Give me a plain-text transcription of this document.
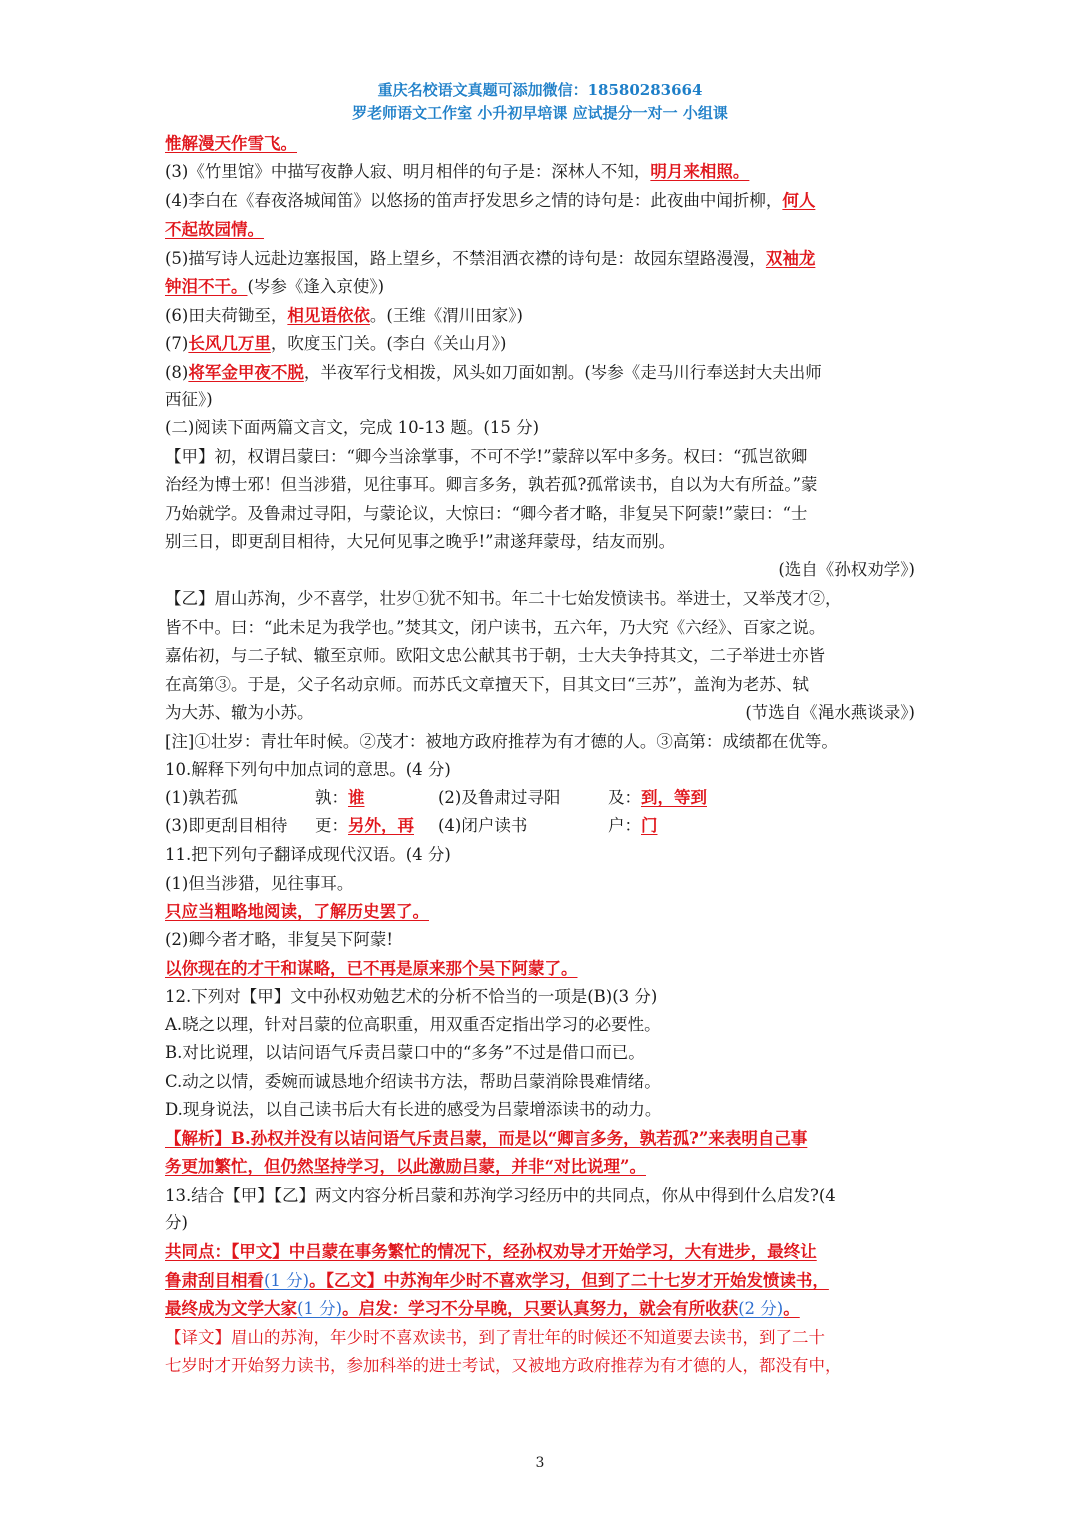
重庆名校语文真题可添加微信：18580283664
罗老师语文工作室 小升初早培课 应试提分一对一 小组课
惟解漫天作雪飞。
(3)《竹里馆》中描写夜静人寂、明月相伴的句子是：深林人不知，明月来相照。
(4)李白在《春夜洛城闻笛》以悠扬的笛声抒发思乡之情的诗句是：此夜曲中闻折柳，何人
不起故园情。
(5)描写诗人远赴边塞报国，路上望乡，不禁泪洒衣襟的诗句是：故园东望路漫漫，双袖龙
钟泪不干。(岑参《逢入京使》)
(6)田夫荷锄至，相见语依依。(王维《渭川田家》)
(7)长风几万里，吹度玉门关。(李白《关山月》)
(8)将军金甲夜不脱，半夜军行戈相拨，风头如刀面如割。(岑参《走马川行奉送封大夫出师
西征》)
(二)阅读下面两篇文言文，完成 10-13 题。(15 分)
【甲】初，权谓吕蒙曰：“卿今当涂掌事，不可不学!”蒙辞以军中多务。权曰：“孤岂欲卿
治经为博士邪！但当涉猎，见往事耳。卿言多务，孰若孤?孤常读书，自以为大有所益。”蒙
乃始就学。及鲁肃过寻阳，与蒙论议，大惊曰：“卿今者才略，非复吴下阿蒙!”蒙曰：“士
别三日，即更刮目相待，大兄何见事之晚乎!”肃遂拜蒙母，结友而别。
(选自《孙权劝学》)
【乙】眉山苏洵，少不喜学，壮岁①犹不知书。年二十七始发愤读书。举进士，又举茂才②，
皆不中。曰：“此未足为我学也。”焚其文，闭户读书，五六年，乃大究《六经》、百家之说。
嘉佑初，与二子轼、辙至京师。欧阳文忠公献其书于朝，士大夫争持其文，二子举进士亦皆
在高第③。于是，父子名动京师。而苏氏文章擅天下，目其文曰“三苏”，盖洵为老苏、轼
为大苏、辙为小苏。	(节选自《渑水燕谈录》)
[注]①壮岁：青壮年时候。②茂才：被地方政府推荐为有才德的人。③高第：成绩都在优等。
10.解释下列句中加点词的意思。(4 分)
(1)孰若孤	孰：谁	(2)及鲁肃过寻阳	及：到，等到
(3)即更刮目相待 更：另外，再 (4)闭户读书	户：门
11.把下列句子翻译成现代汉语。(4 分)
(1)但当涉猎，见往事耳。
只应当粗略地阅读，了解历史罢了。
(2)卿今者才略，非复吴下阿蒙!
以你现在的才干和谋略，已不再是原来那个吴下阿蒙了。
12.下列对【甲】文中孙权劝勉艺术的分析不恰当的一项是(B)(3 分)
A.晓之以理，针对吕蒙的位高职重，用双重否定指出学习的必要性。
B.对比说理，以诘问语气斥责吕蒙口中的“多务”不过是借口而已。
C.动之以情，委婉而诚恳地介绍读书方法，帮助吕蒙消除畏难情绪。
D.现身说法，以自己读书后大有长进的感受为吕蒙增添读书的动力。
【解析】B.孙权并没有以诘问语气斥责吕蒙，而是以“卿言多务，孰若孤?”来表明自己事
务更加繁忙，但仍然坚持学习，以此激励吕蒙，并非“对比说理”。
13.结合【甲】【乙】两文内容分析吕蒙和苏洵学习经历中的共同点，你从中得到什么启发?(4
分)
共同点：【甲文】中吕蒙在事务繁忙的情况下，经孙权劝导才开始学习，大有进步，最终让
鲁肃刮目相看(1 分)。【乙文】中苏洵年少时不喜欢学习，但到了二十七岁才开始发愤读书，
最终成为文学大家(1 分)。启发：学习不分早晚，只要认真努力，就会有所收获(2 分)。
【译文】眉山的苏洵，年少时不喜欢读书，到了青壮年的时候还不知道要去读书，到了二十
七岁时才开始努力读书，参加科举的进士考试，又被地方政府推荐为有才德的人，都没有中，
3
